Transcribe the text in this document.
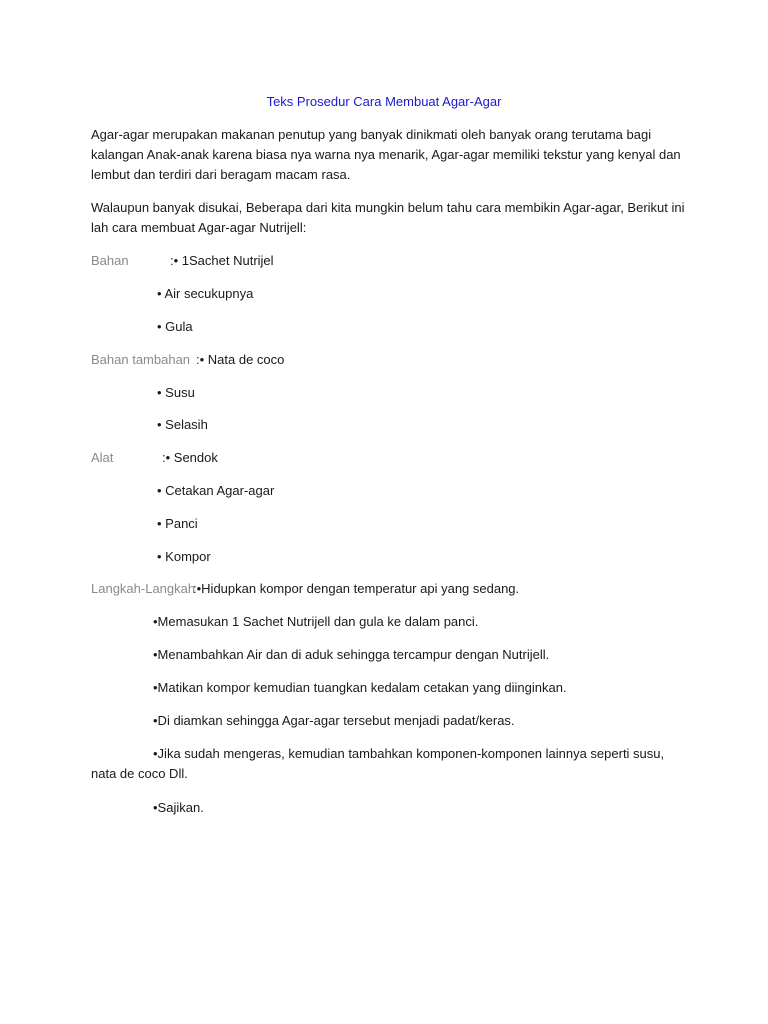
Teks Prosedur Cara Membuat Agar-Agar
Agar-agar merupakan makanan penutup yang banyak dinikmati oleh banyak orang terutama bagi kalangan Anak-anak karena biasa nya warna nya menarik, Agar-agar memiliki tekstur yang kenyal dan lembut dan terdiri dari beragam macam rasa.
Walaupun banyak disukai, Beberapa dari kita mungkin belum tahu cara membikin Agar-agar, Berikut ini lah cara membuat Agar-agar Nutrijell:
Bahan	:• 1Sachet Nutrijel
• Air secukupnya
• Gula
Bahan tambahan :• Nata de coco
• Susu
• Selasih
Alat	:• Sendok
• Cetakan Agar-agar
• Panci
• Kompor
Langkah-Langkah
:•Hidupkan kompor dengan temperatur api yang sedang.
•Memasukan 1 Sachet Nutrijell dan gula ke dalam panci.
•Menambahkan Air dan di aduk sehingga tercampur dengan Nutrijell.
•Matikan kompor kemudian tuangkan kedalam cetakan yang diinginkan.
•Di diamkan sehingga Agar-agar tersebut menjadi padat/keras.
•Jika sudah mengeras, kemudian tambahkan komponen-komponen lainnya seperti susu,
nata de coco Dll.
•Sajikan.
